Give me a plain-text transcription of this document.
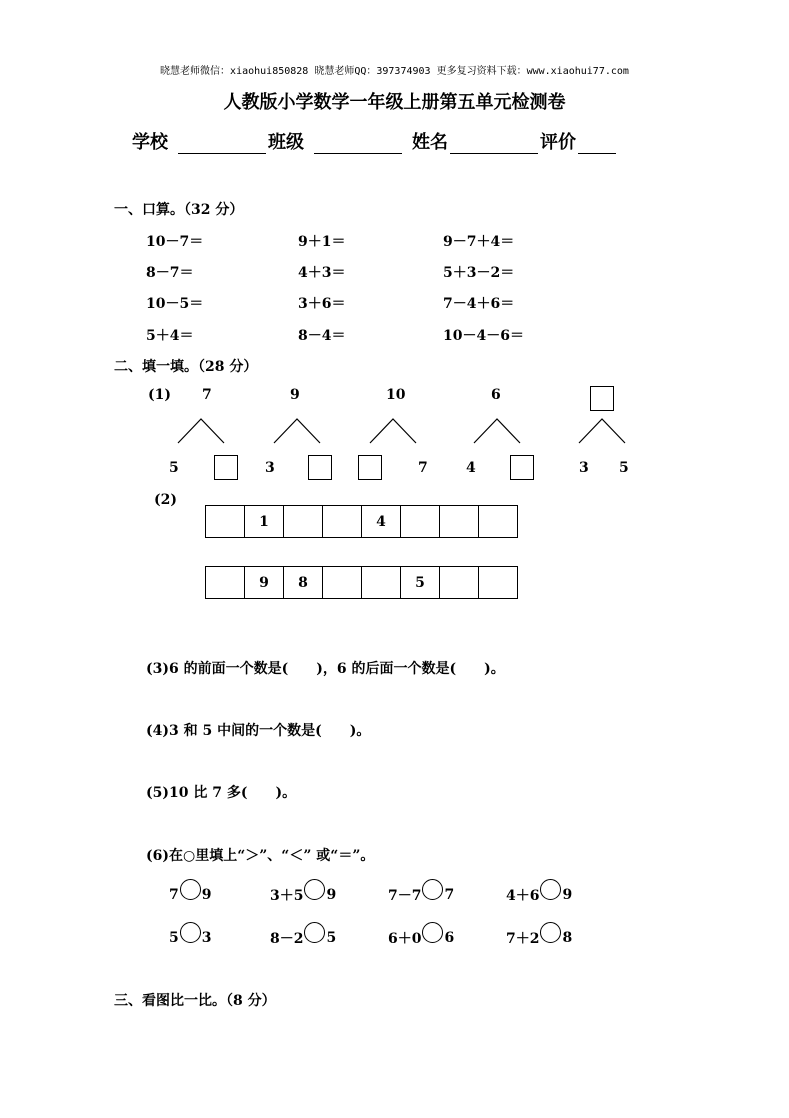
晓慧老师微信：xiaohui850828 晓慧老师QQ：397374903 更多复习资料下载：www.xiaohui77.com
人教版小学数学一年级上册第五单元检测卷
学校	班级	姓名	评价
一、口算。（32 分）
10－7＝	9＋1＝	9－7＋4＝
8－7＝	4＋3＝	5＋3－2＝
10－5＝	3＋6＝	7－4＋6＝
5＋4＝	8－4＝	10－4－6＝
二、填一填。（28 分）
(1) 7
5
9
3
10
7
6
4	3 5
(2)
	1			4			
	9	8			5		
(3)6 的前面一个数是(　　)，6 的后面一个数是(　　)。
(4)3 和 5 中间的一个数是(　　)。
(5)10 比 7 多(　　)。
(6)在○里填上“＞”、“＜” 或“＝”。
7 9	3＋5 9	7－7 7	4＋6 9
5 3	8－2 5	6＋0 6	7＋2 8
三、看图比一比。（8 分）
